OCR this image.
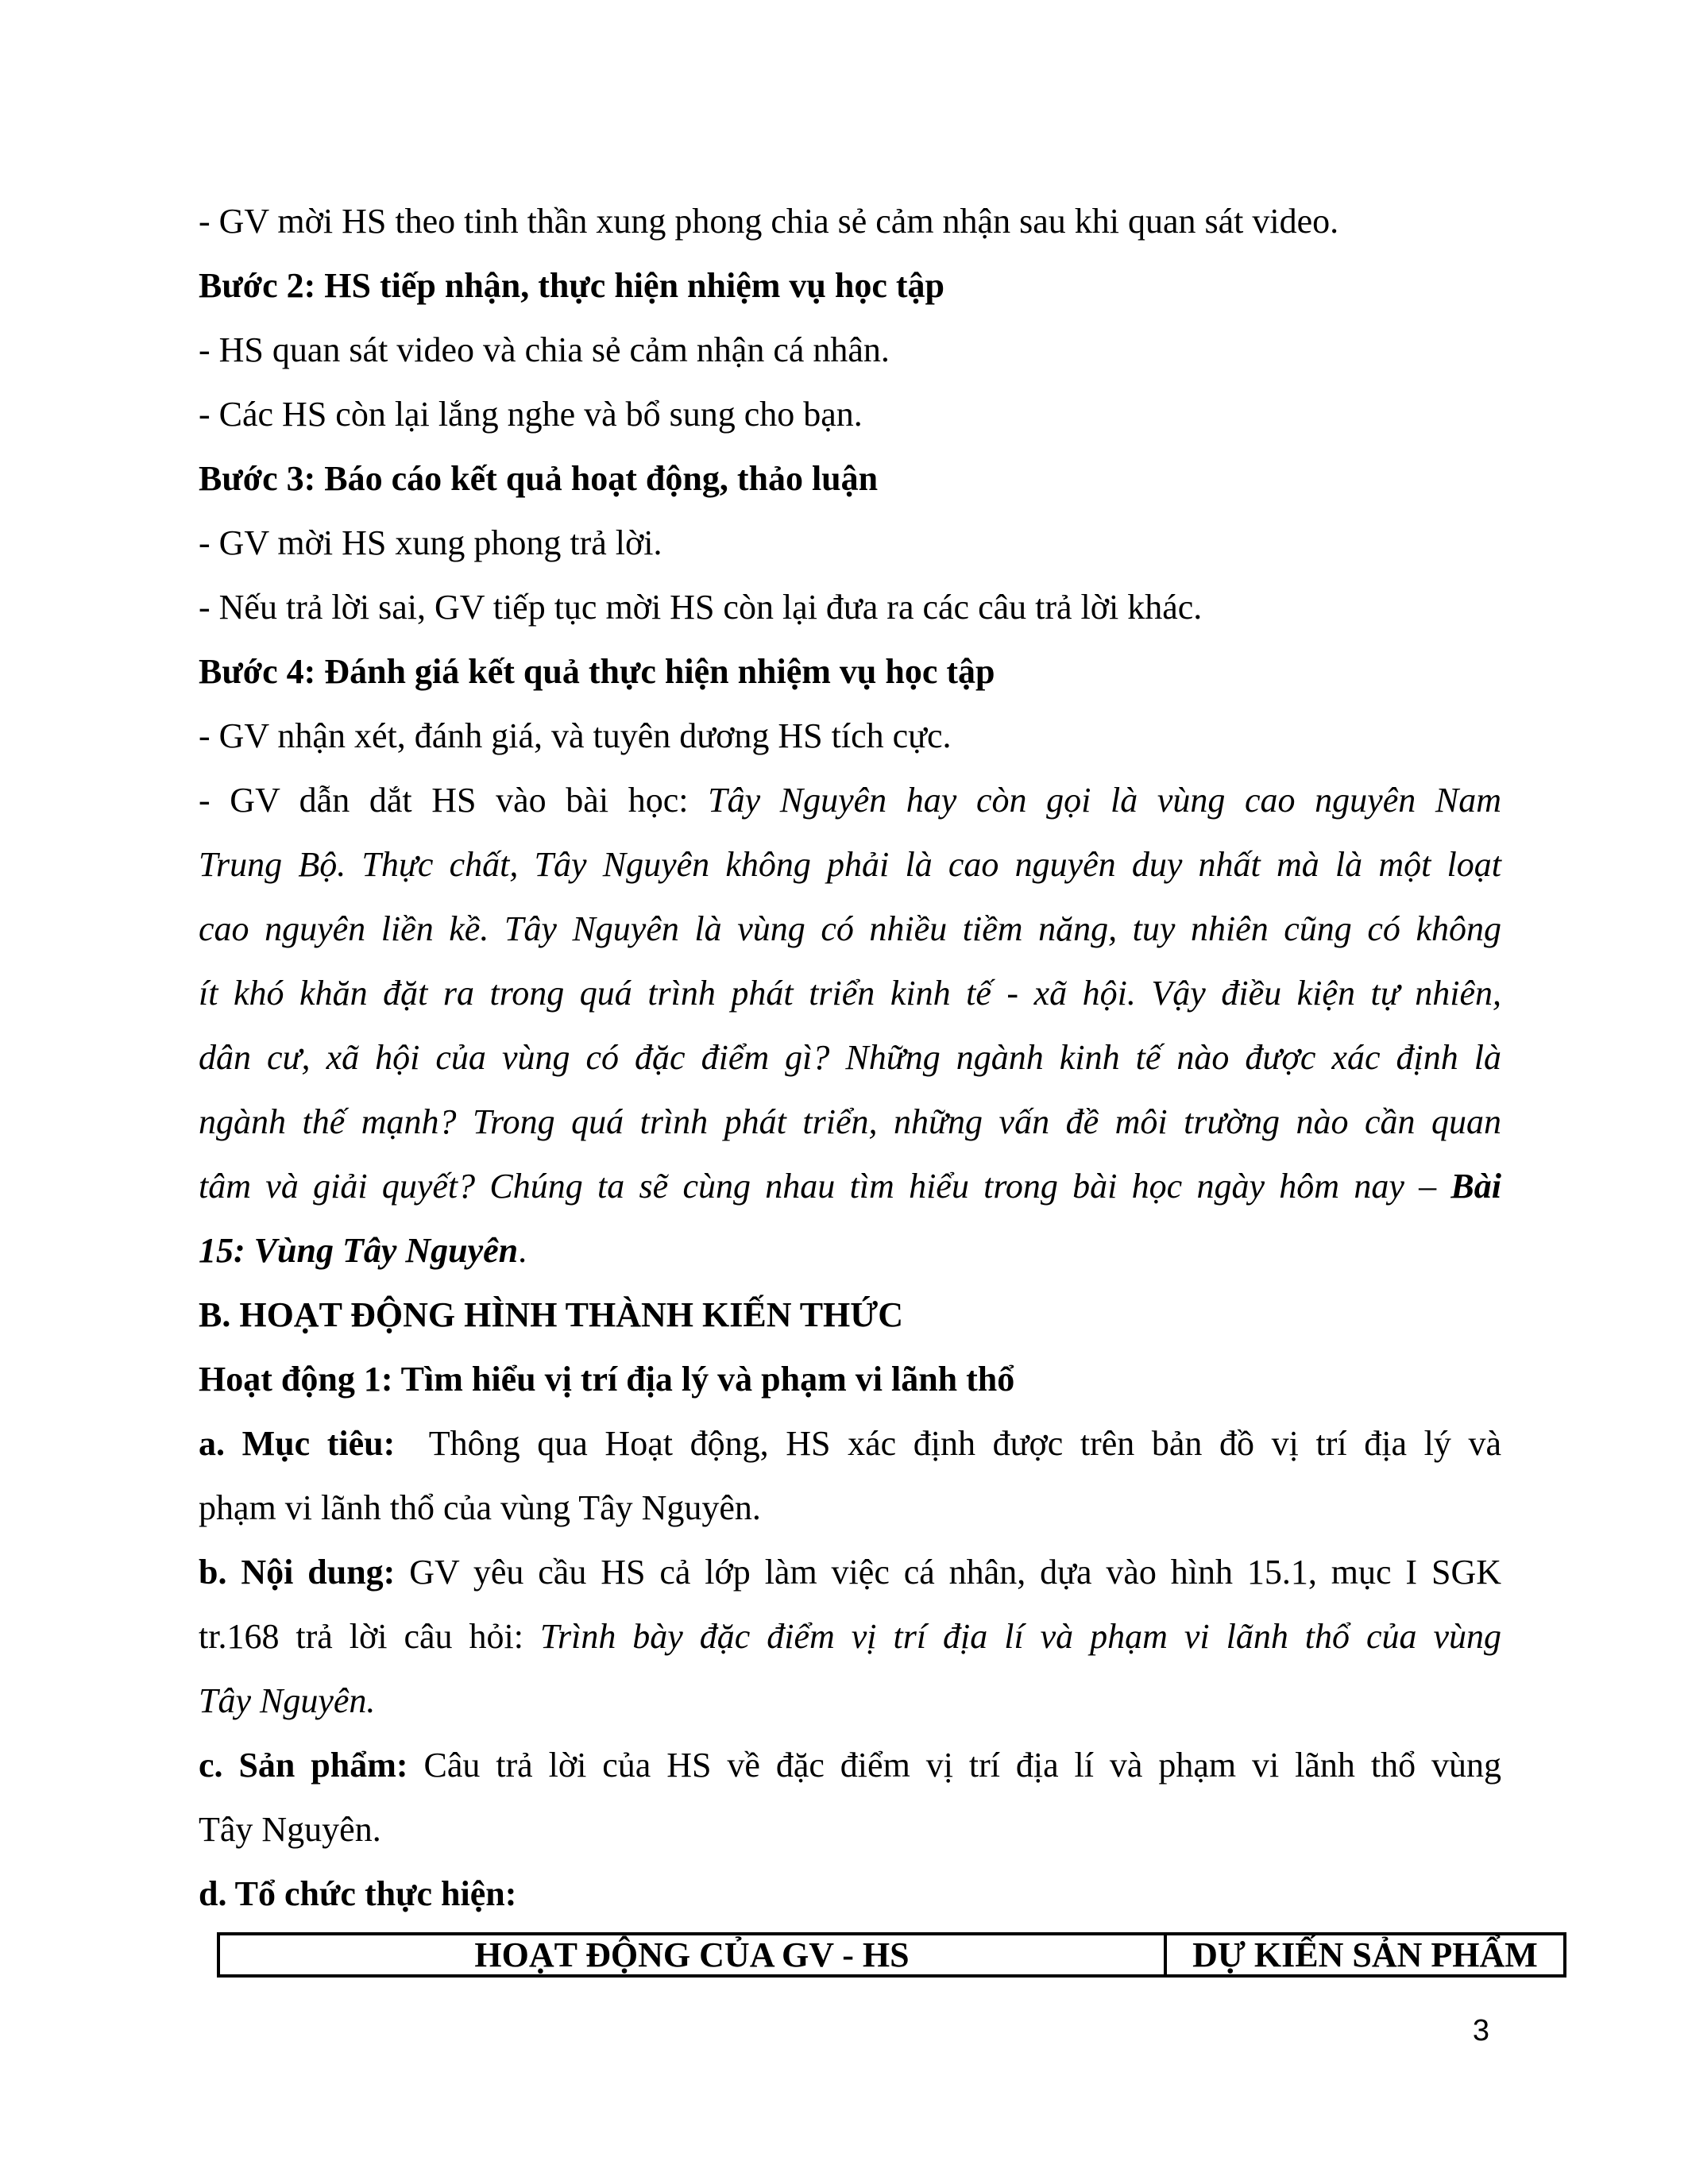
- GV mời HS theo tinh thần xung phong chia sẻ cảm nhận sau khi quan sát video.
Bước 2: HS tiếp nhận, thực hiện nhiệm vụ học tập
- HS quan sát video và chia sẻ cảm nhận cá nhân.
- Các HS còn lại lắng nghe và bổ sung cho bạn.
Bước 3: Báo cáo kết quả hoạt động, thảo luận
- GV mời HS xung phong trả lời.
- Nếu trả lời sai, GV tiếp tục mời HS còn lại đưa ra các câu trả lời khác.
Bước 4: Đánh giá kết quả thực hiện nhiệm vụ học tập
- GV nhận xét, đánh giá, và tuyên dương HS tích cực.
- GV dẫn dắt HS vào bài học: Tây Nguyên hay còn gọi là vùng cao nguyên Nam
Trung Bộ. Thực chất, Tây Nguyên không phải là cao nguyên duy nhất mà là một loạt
cao nguyên liền kề. Tây Nguyên là vùng có nhiều tiềm năng, tuy nhiên cũng có không
ít khó khăn đặt ra trong quá trình phát triển kinh tế - xã hội. Vậy điều kiện tự nhiên,
dân cư, xã hội của vùng có đặc điểm gì? Những ngành kinh tế nào được xác định là
ngành thế mạnh? Trong quá trình phát triển, những vấn đề môi trường nào cần quan
tâm và giải quyết? Chúng ta sẽ cùng nhau tìm hiểu trong bài học ngày hôm nay – Bài
15: Vùng Tây Nguyên.
B. HOẠT ĐỘNG HÌNH THÀNH KIẾN THỨC
Hoạt động 1: Tìm hiểu vị trí địa lý và phạm vi lãnh thổ
a. Mục tiêu:  Thông qua Hoạt động, HS xác định được trên bản đồ vị trí địa lý và
phạm vi lãnh thổ của vùng Tây Nguyên.
b. Nội dung: GV yêu cầu HS cả lớp làm việc cá nhân, dựa vào hình 15.1, mục I SGK
tr.168 trả lời câu hỏi: Trình bày đặc điểm vị trí địa lí và phạm vi lãnh thổ của vùng
Tây Nguyên.
c. Sản phẩm: Câu trả lời của HS về đặc điểm vị trí địa lí và phạm vi lãnh thổ vùng
Tây Nguyên.
d. Tổ chức thực hiện:
HOẠT ĐỘNG CỦA GV - HS	DỰ KIẾN SẢN PHẨM
3
